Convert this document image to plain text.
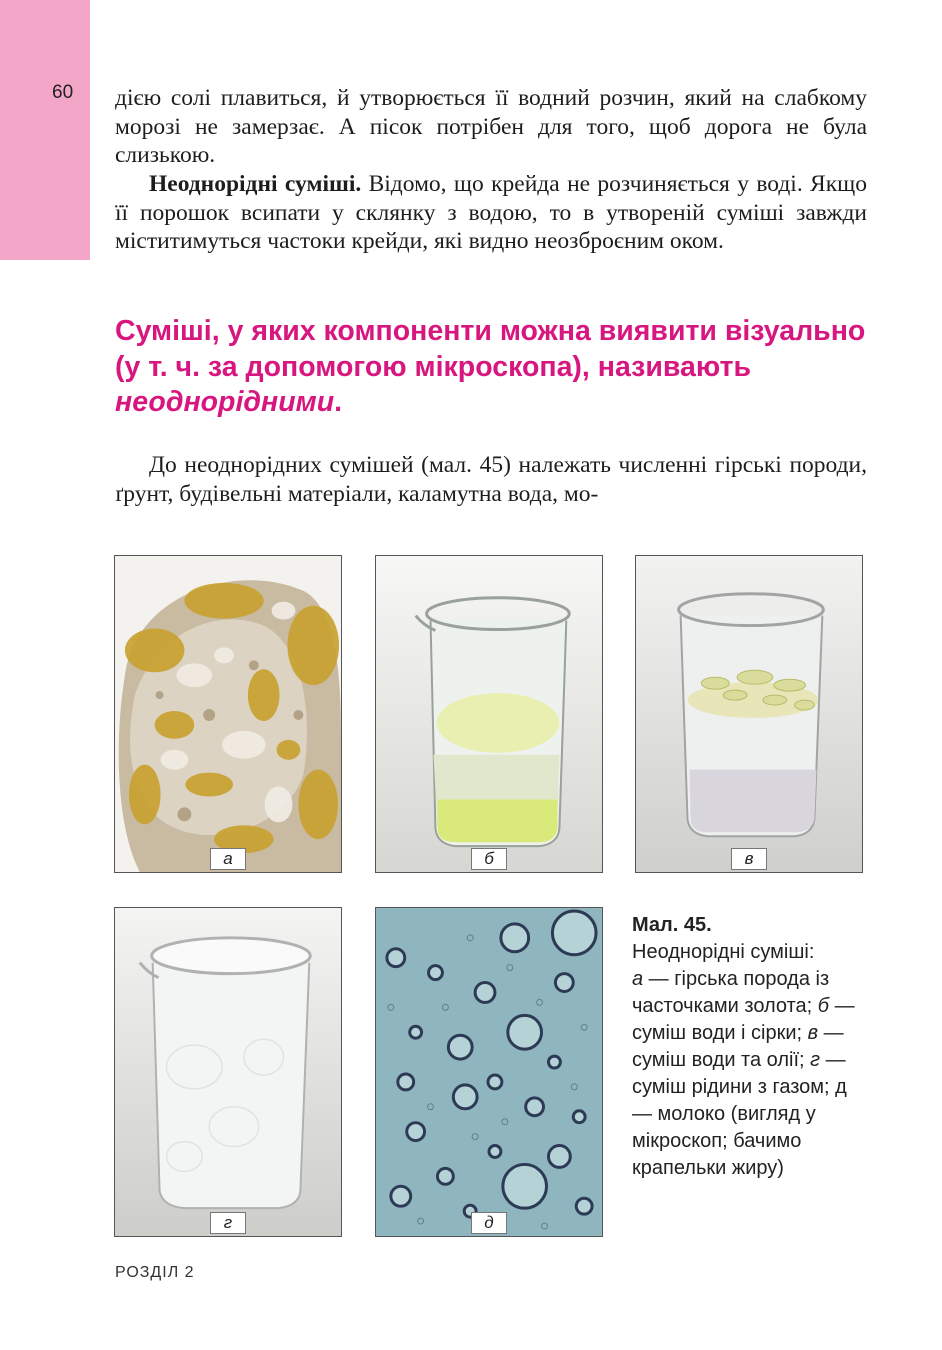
60 дією солі плавиться, й утворюється її водний розчин, який на слабкому морозі не замерзає. А пісок потрібен для того, щоб дорога не була слизькою.

Неоднорідні суміші. Відомо, що крейда не розчиняється у воді. Якщо її порошок всипати у склянку з водою, то в утвореній суміші завжди міститимуться частоки крейди, які видно неозброєним оком.

Суміші, у яких компоненти можна виявити візуально (у т. ч. за допомогою мікроскопа), називають неоднорідними.

До неоднорідних сумішей (мал. 45) належать численні гірські породи, ґрунт, будівельні матеріали, каламутна вода, мо-

а	б	в
г	д
Мал. 45.
Неоднорідні суміші:
а — гірська порода із часточками золота; б — суміш води і сірки; в — суміш води та олії; г — суміш рідини з газом; д — молоко (вигляд у мікроскоп; бачимо крапельки жиру)
РОЗДІЛ 2
